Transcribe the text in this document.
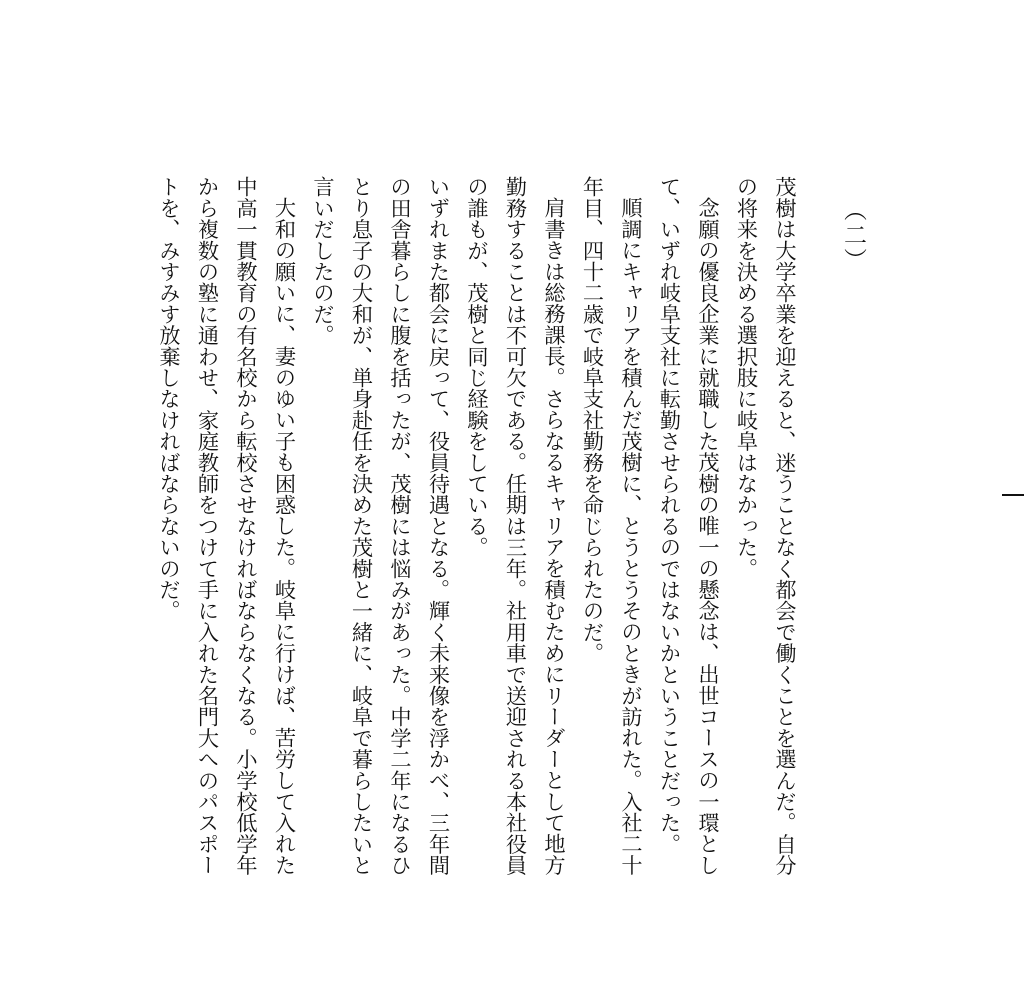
（二）
茂樹は大学卒業を迎えると、迷うことなく都会で働くことを選んだ。自分の将来を決める選択肢に岐阜はなかった。
念願の優良企業に就職した茂樹の唯一の懸念は、出世コースの一環として、いずれ岐阜支社に転勤させられるのではないかということだった。
順調にキャリアを積んだ茂樹に、とうとうそのときが訪れた。入社二十年目、四十二歳で岐阜支社勤務を命じられたのだ。
肩書きは総務課長。さらなるキャリアを積むためにリーダーとして地方勤務することは不可欠である。任期は三年。社用車で送迎される本社役員の誰もが、茂樹と同じ経験をしている。
いずれまた都会に戻って、役員待遇となる。輝く未来像を浮かべ、三年間の田舎暮らしに腹を括ったが、茂樹には悩みがあった。中学二年になるひとり息子の大和が、単身赴任を決めた茂樹と一緒に、岐阜で暮らしたいと言いだしたのだ。
大和の願いに、妻のゆい子も困惑した。岐阜に行けば、苦労して入れた中高一貫教育の有名校から転校させなければならなくなる。小学校低学年から複数の塾に通わせ、家庭教師をつけて手に入れた名門大へのパスポートを、みすみす放棄しなければならないのだ。
